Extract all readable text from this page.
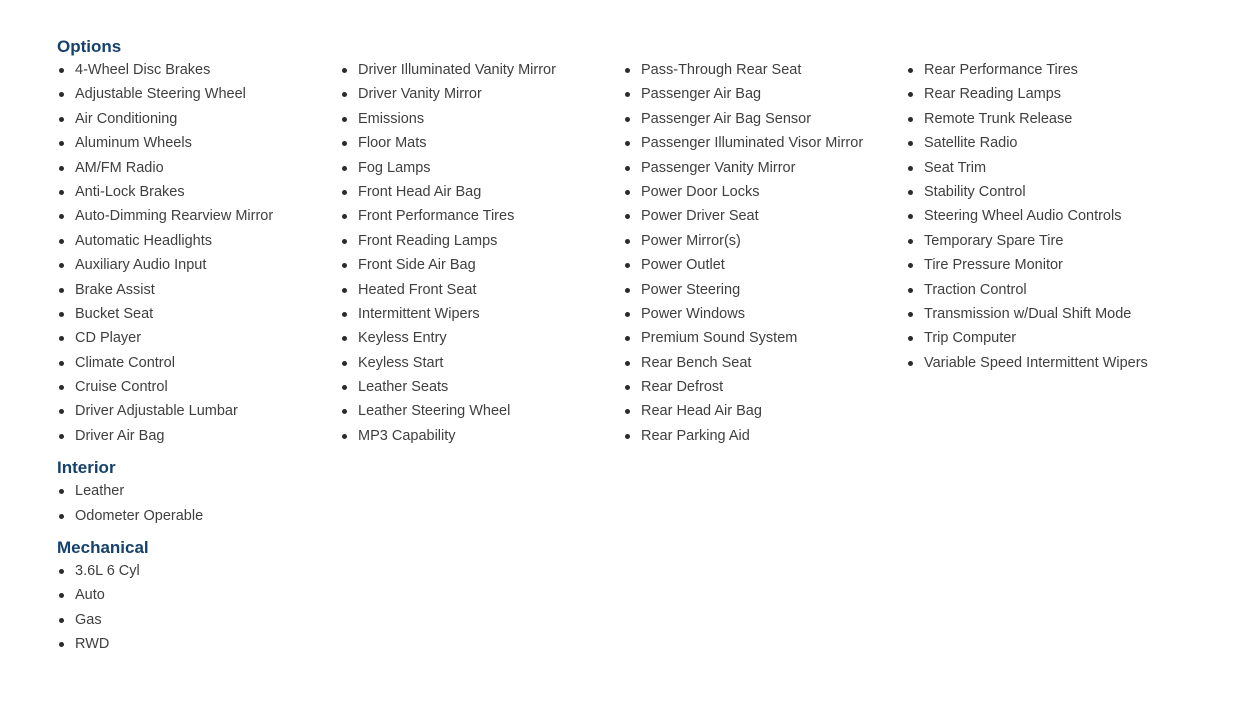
Options
4-Wheel Disc Brakes
Adjustable Steering Wheel
Air Conditioning
Aluminum Wheels
AM/FM Radio
Anti-Lock Brakes
Auto-Dimming Rearview Mirror
Automatic Headlights
Auxiliary Audio Input
Brake Assist
Bucket Seat
CD Player
Climate Control
Cruise Control
Driver Adjustable Lumbar
Driver Air Bag
Driver Illuminated Vanity Mirror
Driver Vanity Mirror
Emissions
Floor Mats
Fog Lamps
Front Head Air Bag
Front Performance Tires
Front Reading Lamps
Front Side Air Bag
Heated Front Seat
Intermittent Wipers
Keyless Entry
Keyless Start
Leather Seats
Leather Steering Wheel
MP3 Capability
Pass-Through Rear Seat
Passenger Air Bag
Passenger Air Bag Sensor
Passenger Illuminated Visor Mirror
Passenger Vanity Mirror
Power Door Locks
Power Driver Seat
Power Mirror(s)
Power Outlet
Power Steering
Power Windows
Premium Sound System
Rear Bench Seat
Rear Defrost
Rear Head Air Bag
Rear Parking Aid
Rear Performance Tires
Rear Reading Lamps
Remote Trunk Release
Satellite Radio
Seat Trim
Stability Control
Steering Wheel Audio Controls
Temporary Spare Tire
Tire Pressure Monitor
Traction Control
Transmission w/Dual Shift Mode
Trip Computer
Variable Speed Intermittent Wipers
Interior
Leather
Odometer Operable
Mechanical
3.6L 6 Cyl
Auto
Gas
RWD
